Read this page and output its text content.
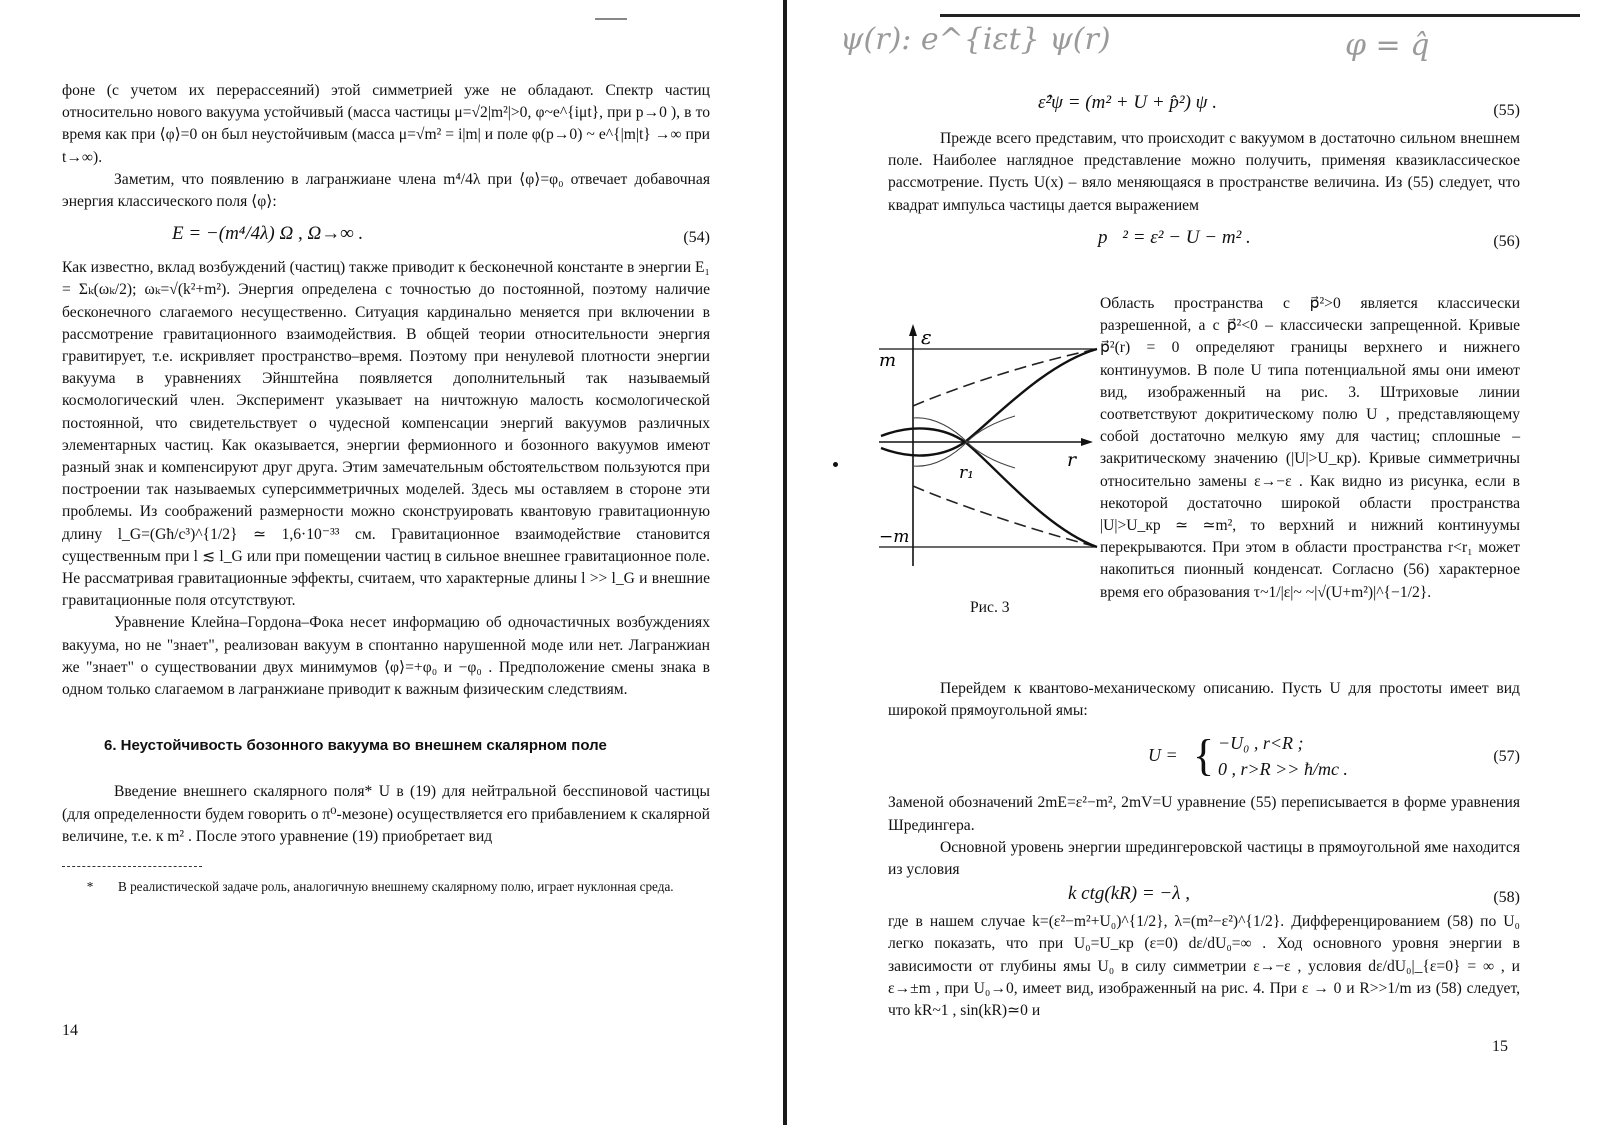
фоне (с учетом их перерассеяний) этой симметрией уже не обладают. Спектр частиц относительно нового вакуума устойчивый (масса частицы μ=√2|m²|>0, φ~e^{iμt}, при p→0 ), в то время как при ⟨φ⟩=0 он был неустойчивым (масса μ=√m² = i|m| и поле φ(p→0) ~ e^{|m|t} →∞ при t→∞).

Заметим, что появлению в лагранжиане члена m⁴/4λ при ⟨φ⟩=φ₀ отвечает добавочная энергия классического поля ⟨φ⟩:

E = −(m⁴/4λ) Ω , Ω→∞ .	(54)

Как известно, вклад возбуждений (частиц) также приводит к бесконечной константе в энергии E₁ = Σₖ(ωₖ/2); ωₖ=√(k²+m²). Энергия определена с точностью до постоянной, поэтому наличие бесконечного слагаемого несущественно. Ситуация кардинально меняется при включении в рассмотрение гравитационного взаимодействия. В общей теории относительности энергия гравитирует, т.е. искривляет пространство–время. Поэтому при ненулевой плотности энергии вакуума в уравнениях Эйнштейна появляется дополнительный так называемый космологический член. Эксперимент указывает на ничтожную малость космологической постоянной, что свидетельствует о чудесной компенсации энергий вакуумов различных элементарных частиц. Как оказывается, энергии фермионного и бозонного вакуумов имеют разный знак и компенсируют друг друга. Этим замечательным обстоятельством пользуются при построении так называемых суперсимметричных моделей. Здесь мы оставляем в стороне эти проблемы. Из соображений размерности можно сконструировать квантовую гравитационную длину l_G=(Għ/c³)^{1/2} ≃ 1,6·10⁻³³ см. Гравитационное взаимодействие становится существенным при l ≲ l_G или при помещении частиц в сильное внешнее гравитационное поле. Не рассматривая гравитационные эффекты, считаем, что характерные длины l >> l_G и внешние гравитационные поля отсутствуют.

Уравнение Клейна–Гордона–Фока несет информацию об одночастичных возбуждениях вакуума, но не "знает", реализован вакуум в спонтанно нарушенной моде или нет. Лагранжиан же "знает" о существовании двух минимумов ⟨φ⟩=+φ₀ и −φ₀ . Предположение смены знака в одном только слагаемом в лагранжиане приводит к важным физическим следствиям.

6. Неустойчивость бозонного вакуума во внешнем скалярном поле

Введение внешнего скалярного поля* U в (19) для нейтральной бесспиновой частицы (для определенности будем говорить о π⁰-мезоне) осуществляется его прибавлением к скалярной величине, т.е. к m² . После этого уравнение (19) приобретает вид

* В реалистической задаче роль, аналогичную внешнему скалярному полю, играет нуклонная среда.

14
ψ(r): e^{iεt} ψ(r)	φ = q̂
ε̂²ψ = (m² + U + p̂²) ψ .	(55)

Прежде всего представим, что происходит с вакуумом в достаточно сильном внешнем поле. Наиболее наглядное представление можно получить, применяя квазиклассическое рассмотрение. Пусть U(x) – вяло меняющаяся в пространстве величина. Из (55) следует, что квадрат импульса частицы дается выражением

p⃗² = ε² − U − m² .	(56)
ε
m
−m
r
r₁
Рис. 3
Область пространства с p⃗²>0 является классически разрешенной, а с p⃗²<0 – классически запрещенной. Кривые p⃗²(r) = 0 определяют границы верхнего и нижнего континуумов. В поле U типа потенциальной ямы они имеют вид, изображенный на рис. 3. Штриховые линии соответствуют докритическому полю U , представляющему собой достаточно мелкую яму для частиц; сплошные – закритическому значению (|U|>U_кр). Кривые симметричны относительно замены ε→−ε . Как видно из рисунка, если в некоторой достаточно широкой области пространства |U|>U_кр ≃ ≃m², то верхний и нижний континуумы перекрываются. При этом в области пространства r<r₁ может накопиться пионный конденсат. Согласно (56) характерное время его образования τ~1/|ε|~ ~|√(U+m²)|^{−1/2}.

Перейдем к квантово-механическому описанию. Пусть U для простоты имеет вид широкой прямоугольной ямы:

U = { −U₀ , r<R ;
0 , r>R >> ħ/mc .
(57)

Заменой обозначений 2mE=ε²−m², 2mV=U уравнение (55) переписывается в форме уравнения Шредингера.

Основной уровень энергии шредингеровской частицы в прямоугольной яме находится из условия

k ctg(kR) = −λ ,	(58)

где в нашем случае k=(ε²−m²+U₀)^{1/2}, λ=(m²−ε²)^{1/2}. Дифференцированием (58) по U₀ легко показать, что при U₀=U_кр (ε=0) dε/dU₀=∞ . Ход основного уровня энергии в зависимости от глубины ямы U₀ в силу симметрии ε→−ε , условия dε/dU₀|_{ε=0} = ∞ , и ε→±m , при U₀→0, имеет вид, изображенный на рис. 4. При ε → 0 и R>>1/m из (58) следует, что kR~1 , sin(kR)≃0 и

15
